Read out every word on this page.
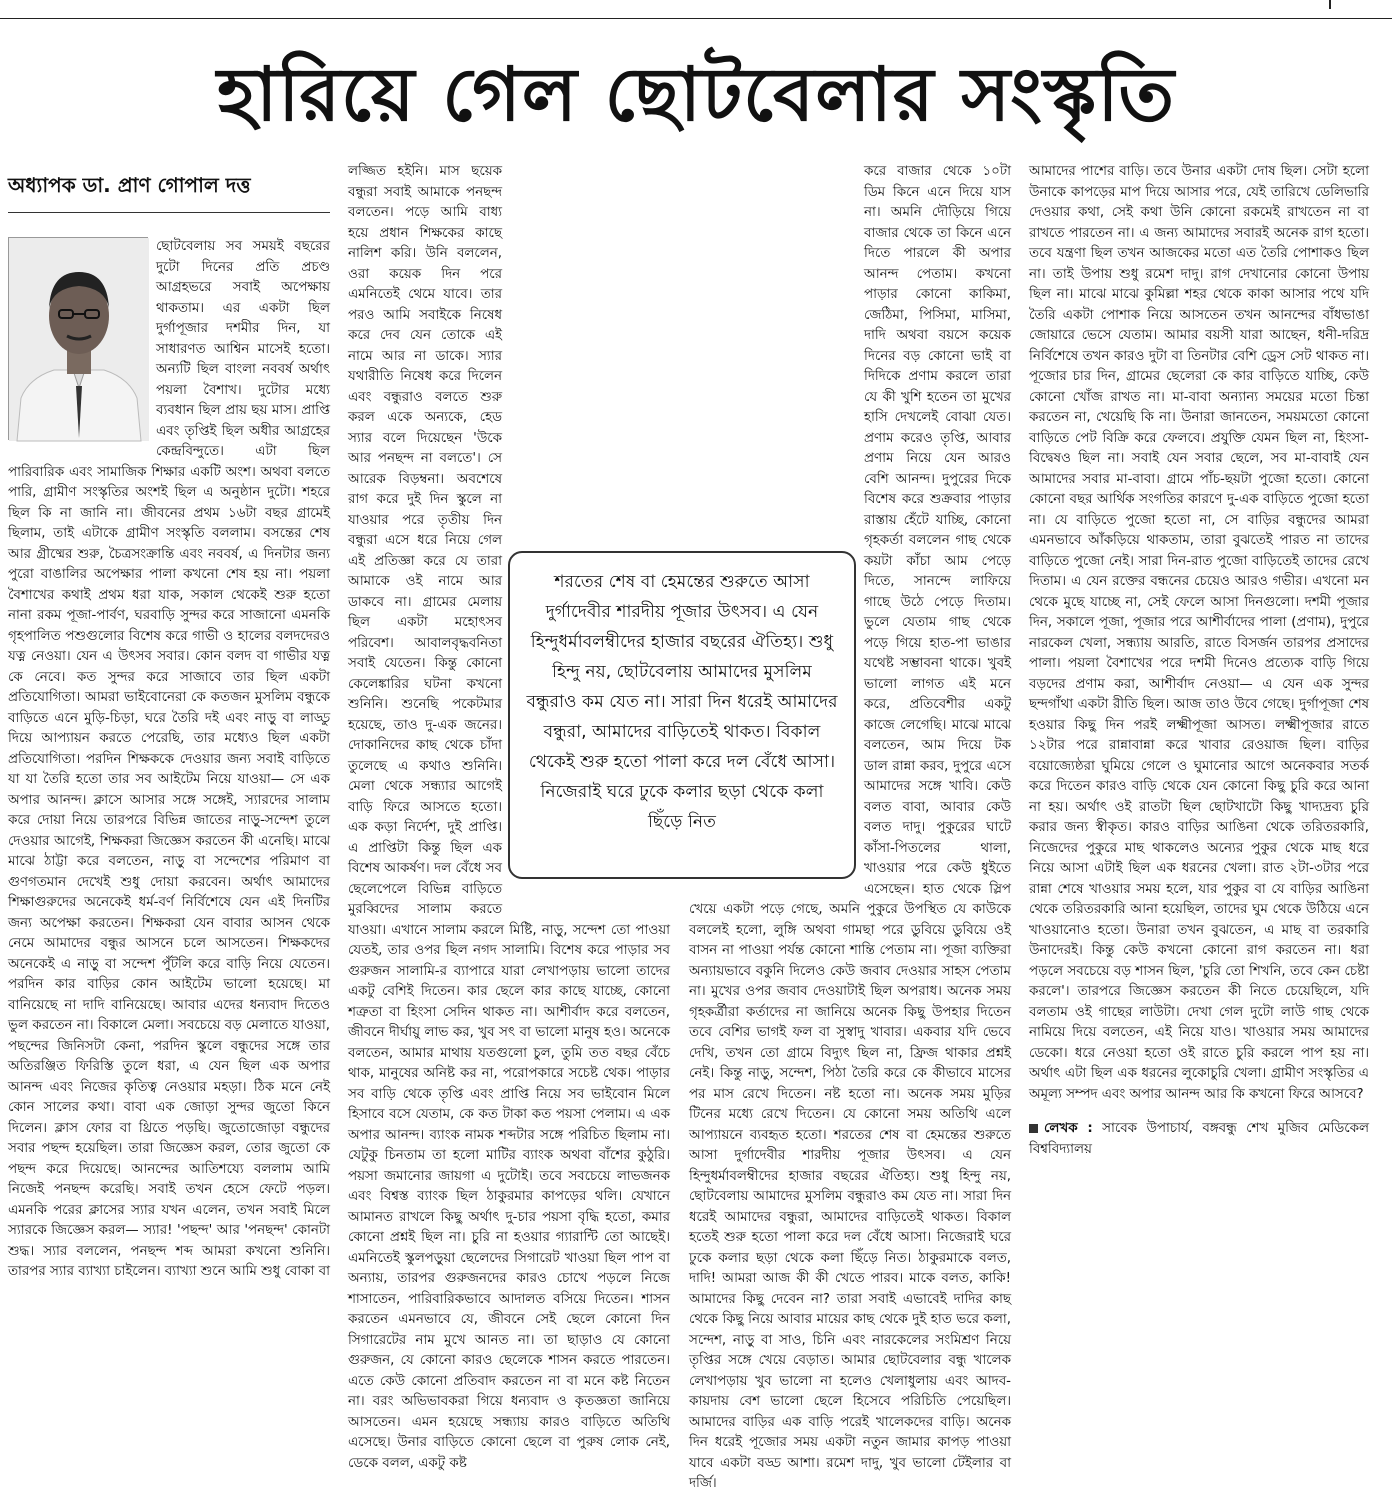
হারিয়ে গেল ছোটবেলার সংস্কৃতি
অধ্যাপক ডা. প্রাণ গোপাল দত্ত

ছোটবেলায় সব সময়ই বছরের দুটো দিনের প্রতি প্রচণ্ড আগ্রহভরে সবাই অপেক্ষায় থাকতাম। এর একটা ছিল দুর্গাপূজার দশমীর দিন, যা সাধারণত আশ্বিন মাসেই হতো। অন্যটি ছিল বাংলা নববর্ষ অর্থাৎ পয়লা বৈশাখ। দুটোর মধ্যে ব্যবধান ছিল প্রায় ছয় মাস। প্রাপ্তি এবং তৃপ্তিই ছিল অধীর আগ্রহের কেন্দ্রবিন্দুতে। এটা ছিল পারিবারিক এবং সামাজিক শিক্ষার একটি অংশ। অথবা বলতে পারি, গ্রামীণ সংস্কৃতির অংশই ছিল এ অনুষ্ঠান দুটো। শহরে ছিল কি না জানি না। জীবনের প্রথম ১৬টা বছর গ্রামেই ছিলাম, তাই এটাকে গ্রামীণ সংস্কৃতি বললাম। বসন্তের শেষ আর গ্রীষ্মের শুরু, চৈত্রসংক্রান্তি এবং নববর্ষ, এ দিনটার জন্য পুরো বাঙালির অপেক্ষার পালা কখনো শেষ হয় না। পয়লা বৈশাখের কথাই প্রথম ধরা যাক, সকাল থেকেই শুরু হতো নানা রকম পূজা-পার্বণ, ঘরবাড়ি সুন্দর করে সাজানো এমনকি গৃহপালিত পশুগুলোর বিশেষ করে গাভী ও হালের বলদদেরও যত্ন নেওয়া। যেন এ উৎসব সবার। কোন বলদ বা গাভীর যত্ন কে নেবে। কত সুন্দর করে সাজাবে তার ছিল একটা প্রতিযোগিতা। আমরা ভাইবোনেরা কে কতজন মুসলিম বন্ধুকে বাড়িতে এনে মুড়ি-চিড়া, ঘরে তৈরি দই এবং নাড়ু বা লাড্ডু দিয়ে আপ্যায়ন করতে পেরেছি, তার মধ্যেও ছিল একটা প্রতিযোগিতা। পরদিন শিক্ষককে দেওয়ার জন্য সবাই বাড়িতে যা যা তৈরি হতো তার সব আইটেম নিয়ে যাওয়া— সে এক অপার আনন্দ। ক্লাসে আসার সঙ্গে সঙ্গেই, স্যারদের সালাম করে দোয়া নিয়ে তারপরে বিভিন্ন জাতের নাড়ু-সন্দেশ তুলে দেওয়ার আগেই, শিক্ষকরা জিজ্ঞেস করতেন কী এনেছি। মাঝে মাঝে ঠাট্টা করে বলতেন, নাড়ু বা সন্দেশের পরিমাণ বা গুণগতমান দেখেই শুধু দোয়া করবেন। অর্থাৎ আমাদের শিক্ষাগুরুদের অনেকেই ধর্ম-বর্ণ নির্বিশেষে যেন এই দিনটির জন্য অপেক্ষা করতেন। শিক্ষকরা যেন বাবার আসন থেকে নেমে আমাদের বন্ধুর আসনে চলে আসতেন। শিক্ষকদের অনেকেই এ নাড়ু বা সন্দেশ পুঁটলি করে বাড়ি নিয়ে যেতেন। পরদিন কার বাড়ির কোন আইটেম ভালো হয়েছে। মা বানিয়েছে না দাদি বানিয়েছে। আবার এদের ধন্যবাদ দিতেও ভুল করতেন না। বিকালে মেলা। সবচেয়ে বড় মেলাতে যাওয়া, পছন্দের জিনিসটা কেনা, পরদিন স্কুলে বন্ধুদের সঙ্গে তার অতিরঞ্জিত ফিরিস্তি তুলে ধরা, এ যেন ছিল এক অপার আনন্দ এবং নিজের কৃতিত্ব নেওয়ার মহড়া। ঠিক মনে নেই কোন সালের কথা। বাবা এক জোড়া সুন্দর জুতো কিনে দিলেন। ক্লাস ফোর বা থ্রিতে পড়ছি। জুতোজোড়া বন্ধুদের সবার পছন্দ হয়েছিল। তারা জিজ্ঞেস করল, তোর জুতো কে পছন্দ করে দিয়েছে। আনন্দের আতিশয্যে বললাম আমি নিজেই পনছন্দ করেছি। সবাই তখন হেসে ফেটে পড়ল। এমনকি পরের ক্লাসের স্যার যখন এলেন, তখন সবাই মিলে স্যারকে জিজ্ঞেস করল— স্যার! 'পছন্দ' আর 'পনছন্দ' কোনটা শুদ্ধ। স্যার বললেন, পনছন্দ শব্দ আমরা কখনো শুনিনি। তারপর স্যার ব্যাখ্যা চাইলেন। ব্যাখ্যা শুনে আমি শুধু বোকা বা

লজ্জিত হইনি। মাস ছয়েক বন্ধুরা সবাই আমাকে পনছন্দ বলতেন। পড়ে আমি বাধ্য হয়ে প্রধান শিক্ষকের কাছে নালিশ করি। উনি বললেন, ওরা কয়েক দিন পরে এমনিতেই থেমে যাবে। তার পরও আমি সবাইকে নিষেধ করে দেব যেন তোকে এই নামে আর না ডাকে। স্যার যথারীতি নিষেধ করে দিলেন এবং বন্ধুরাও বলতে শুরু করল একে অন্যকে, হেড স্যার বলে দিয়েছেন 'উকে আর পনছন্দ না বলতে'। সে আরেক বিড়ম্বনা। অবশেষে রাগ করে দুই দিন স্কুলে না যাওয়ার পরে তৃতীয় দিন বন্ধুরা এসে ধরে নিয়ে গেল এই প্রতিজ্ঞা করে যে তারা আমাকে ওই নামে আর ডাকবে না। গ্রামের মেলায় ছিল একটা মহোৎসব পরিবেশ। আবালবৃদ্ধবনিতা সবাই যেতেন। কিন্তু কোনো কেলেঙ্কারির ঘটনা কখনো শুনিনি। শুনেছি পকেটমার হয়েছে, তাও দু-এক জনের। দোকানিদের কাছ থেকে চাঁদা তুলেছে এ কথাও শুনিনি। মেলা থেকে সন্ধ্যার আগেই বাড়ি ফিরে আসতে হতো। এক কড়া নির্দেশ, দুই প্রাপ্তি। এ প্রাপ্তিটা কিন্তু ছিল এক বিশেষ আকর্ষণ। দল বেঁধে সব ছেলেপেলে বিভিন্ন বাড়িতে মুরব্বিদের সালাম করতে যাওয়া। এখানে সালাম করলে মিষ্টি, নাড়ু, সন্দেশ তো পাওয়া যেতই, তার ওপর ছিল নগদ সালামি। বিশেষ করে পাড়ার সব গুরুজন সালামি-র ব্যাপারে যারা লেখাপড়ায় ভালো তাদের একটু বেশিই দিতেন। কার ছেলে কার কাছে যাচ্ছে, কোনো শত্রুতা বা হিংসা সেদিন থাকত না। আশীর্বাদ করে বলতেন, জীবনে দীর্ঘায়ু লাভ কর, খুব সৎ বা ভালো মানুষ হও। অনেকে বলতেন, আমার মাথায় যতগুলো চুল, তুমি তত বছর বেঁচে থাক, মানুষের অনিষ্ট কর না, পরোপকারে সচেষ্ট থেক। পাড়ার সব বাড়ি থেকে তৃপ্তি এবং প্রাপ্তি নিয়ে সব ভাইবোন মিলে হিসাবে বসে যেতাম, কে কত টাকা কত পয়সা পেলাম। এ এক অপার আনন্দ। ব্যাংক নামক শব্দটার সঙ্গে পরিচিত ছিলাম না। যেটুকু চিনতাম তা হলো মাটির ব্যাংক অথবা বাঁশের কুঠুরি। পয়সা জমানোর জায়গা এ দুটোই। তবে সবচেয়ে লাভজনক এবং বিশ্বস্ত ব্যাংক ছিল ঠাকুরমার কাপড়ের থলি। যেখানে আমানত রাখলে কিছু অর্থাৎ দু-চার পয়সা বৃদ্ধি হতো, কমার কোনো প্রশ্নই ছিল না। চুরি না হওয়ার গ্যারান্টি তো আছেই। এমনিতেই স্কুলপড়ুয়া ছেলেদের সিগারেট খাওয়া ছিল পাপ বা অন্যায়, তারপর গুরুজনদের কারও চোখে পড়লে নিজে শাসাতেন, পারিবারিকভাবে আদালত বসিয়ে দিতেন। শাসন করতেন এমনভাবে যে, জীবনে সেই ছেলে কোনো দিন সিগারেটের নাম মুখে আনত না। তা ছাড়াও যে কোনো গুরুজন, যে কোনো কারও ছেলেকে শাসন করতে পারতেন। এতে কেউ কোনো প্রতিবাদ করতেন না বা মনে কষ্ট নিতেন না। বরং অভিভাবকরা গিয়ে ধন্যবাদ ও কৃতজ্ঞতা জানিয়ে আসতেন। এমন হয়েছে সন্ধ্যায় কারও বাড়িতে অতিথি এসেছে। উনার বাড়িতে কোনো ছেলে বা পুরুষ লোক নেই, ডেকে বলল, একটু কষ্ট

করে বাজার থেকে ১০টা ডিম কিনে এনে দিয়ে যাস না। অমনি দৌড়িয়ে গিয়ে বাজার থেকে তা কিনে এনে দিতে পারলে কী অপার আনন্দ পেতাম। কখনো পাড়ার কোনো কাকিমা, জেঠিমা, পিসিমা, মাসিমা, দাদি অথবা বয়সে কয়েক দিনের বড় কোনো ভাই বা দিদিকে প্রণাম করলে তারা যে কী খুশি হতেন তা মুখের হাসি দেখলেই বোঝা যেত। প্রণাম করেও তৃপ্তি, আবার প্রণাম নিয়ে যেন আরও বেশি আনন্দ। দুপুরের দিকে বিশেষ করে শুক্রবার পাড়ার রাস্তায় হেঁটে যাচ্ছি, কোনো গৃহকর্তা বললেন গাছ থেকে কয়টা কাঁচা আম পেড়ে দিতে, সানন্দে লাফিয়ে গাছে উঠে পেড়ে দিতাম। ভুলে যেতাম গাছ থেকে পড়ে গিয়ে হাত-পা ভাঙার যথেষ্ট সম্ভাবনা থাকে। খুবই ভালো লাগত এই মনে করে, প্রতিবেশীর একটু কাজে লেগেছি। মাঝে মাঝে বলতেন, আম দিয়ে টক ডাল রান্না করব, দুপুরে এসে আমাদের সঙ্গে খাবি। কেউ বলত বাবা, আবার কেউ বলত দাদু। পুকুরের ঘাটে কাঁসা-পিতলের থালা, খাওয়ার পরে কেউ ধুইতে এসেছেন। হাত থেকে স্লিপ খেয়ে একটা পড়ে গেছে, অমনি পুকুরে উপস্থিত যে কাউকে বললেই হলো, লুঙ্গি অথবা গামছা পরে ডুবিয়ে ডুবিয়ে ওই বাসন না পাওয়া পর্যন্ত কোনো শান্তি পেতাম না। পূজা ব্যক্তিরা অন্যায়ভাবে বকুনি দিলেও কেউ জবাব দেওয়ার সাহস পেতাম না। মুখের ওপর জবাব দেওয়াটাই ছিল অপরাধ। অনেক সময় গৃহকর্ত্রীরা কর্তাদের না জানিয়ে অনেক কিছু উপহার দিতেন তবে বেশির ভাগই ফল বা সুস্বাদু খাবার। একবার যদি ভেবে দেখি, তখন তো গ্রামে বিদ্যুৎ ছিল না, ফ্রিজ থাকার প্রশ্নই নেই। কিন্তু নাড়ু, সন্দেশ, পিঠা তৈরি করে কে কীভাবে মাসের পর মাস রেখে দিতেন। নষ্ট হতো না। অনেক সময় মুড়ির টিনের মধ্যে রেখে দিতেন। যে কোনো সময় অতিথি এলে আপ্যায়নে ব্যবহৃত হতো। শরতের শেষ বা হেমন্তের শুরুতে আসা দুর্গাদেবীর শারদীয় পূজার উৎসব। এ যেন হিন্দুধর্মাবলম্বীদের হাজার বছরের ঐতিহ্য। শুধু হিন্দু নয়, ছোটবেলায় আমাদের মুসলিম বন্ধুরাও কম যেত না। সারা দিন ধরেই আমাদের বন্ধুরা, আমাদের বাড়িতেই থাকত। বিকাল হতেই শুরু হতো পালা করে দল বেঁধে আসা। নিজেরাই ঘরে ঢুকে কলার ছড়া থেকে কলা ছিঁড়ে নিত। ঠাকুরমাকে বলত, দাদি! আমরা আজ কী কী খেতে পারব। মাকে বলত, কাকি! আমাদের কিছু দেবেন না? তারা সবাই এভাবেই দাদির কাছ থেকে কিছু নিয়ে আবার মায়ের কাছ থেকে দুই হাত ভরে কলা, সন্দেশ, নাড়ু বা সাও, চিনি এবং নারকেলের সংমিশ্রণ নিয়ে তৃপ্তির সঙ্গে খেয়ে বেড়াত। আমার ছোটবেলার বন্ধু খালেক লেখাপড়ায় খুব ভালো না হলেও খেলাধুলায় এবং আদব-কায়দায় বেশ ভালো ছেলে হিসেবে পরিচিতি পেয়েছিল। আমাদের বাড়ির এক বাড়ি পরেই খালেকদের বাড়ি। অনেক দিন ধরেই পূজোর সময় একটা নতুন জামার কাপড় পাওয়া যাবে একটা বড্ড আশা। রমেশ দাদু, খুব ভালো টেইলার বা দর্জি।

আমাদের পাশের বাড়ি। তবে উনার একটা দোষ ছিল। সেটা হলো উনাকে কাপড়ের মাপ দিয়ে আসার পরে, যেই তারিখে ডেলিভারি দেওয়ার কথা, সেই কথা উনি কোনো রকমেই রাখতেন না বা রাখতে পারতেন না। এ জন্য আমাদের সবারই অনেক রাগ হতো। তবে যন্ত্রণা ছিল তখন আজকের মতো এত তৈরি পোশাকও ছিল না। তাই উপায় শুধু রমেশ দাদু। রাগ দেখানোর কোনো উপায় ছিল না। মাঝে মাঝে কুমিল্লা শহর থেকে কাকা আসার পথে যদি তৈরি একটা পোশাক নিয়ে আসতেন তখন আনন্দের বাঁধভাঙা জোয়ারে ভেসে যেতাম। আমার বয়সী যারা আছেন, ধনী-দরিদ্র নির্বিশেষে তখন কারও দুটা বা তিনটার বেশি ড্রেস সেট থাকত না। পূজোর চার দিন, গ্রামের ছেলেরা কে কার বাড়িতে যাচ্ছি, কেউ কোনো খোঁজ রাখত না। মা-বাবা অন্যান্য সময়ের মতো চিন্তা করতেন না, খেয়েছি কি না। উনারা জানতেন, সময়মতো কোনো বাড়িতে পেট বিক্রি করে ফেলবে। প্রযুক্তি যেমন ছিল না, হিংসা-বিদ্বেষও ছিল না। সবাই যেন সবার ছেলে, সব মা-বাবাই যেন আমাদের সবার মা-বাবা। গ্রামে পাঁচ-ছয়টা পুজো হতো। কোনো কোনো বছর আর্থিক সংগতির কারণে দু-এক বাড়িতে পুজো হতো না। যে বাড়িতে পুজো হতো না, সে বাড়ির বন্ধুদের আমরা এমনভাবে আঁকড়িয়ে থাকতাম, তারা বুঝতেই পারত না তাদের বাড়িতে পুজো নেই। সারা দিন-রাত পুজো বাড়িতেই তাদের রেখে দিতাম। এ যেন রক্তের বন্ধনের চেয়েও আরও গভীর। এখনো মন থেকে মুছে যাচ্ছে না, সেই ফেলে আসা দিনগুলো। দশমী পূজার দিন, সকালে পূজা, পূজার পরে আশীর্বাদের পালা (প্রণাম), দুপুরে নারকেল খেলা, সন্ধ্যায় আরতি, রাতে বিসর্জন তারপর প্রসাদের পালা। পয়লা বৈশাখের পরে দশমী দিনেও প্রত্যেক বাড়ি গিয়ে বড়দের প্রণাম করা, আশীর্বাদ নেওয়া— এ যেন এক সুন্দর ছন্দগাঁথা একটা রীতি ছিল। আজ তাও উবে গেছে। দুর্গাপূজা শেষ হওয়ার কিছু দিন পরই লক্ষ্মীপূজা আসত। লক্ষ্মীপূজার রাতে ১২টার পরে রান্নাবান্না করে খাবার রেওয়াজ ছিল। বাড়ির বয়োজ্যেষ্ঠরা ঘুমিয়ে গেলে ও ঘুমানোর আগে অনেকবার সতর্ক করে দিতেন কারও বাড়ি থেকে যেন কোনো কিছু চুরি করে আনা না হয়। অর্থাৎ ওই রাতটা ছিল ছোটখাটো কিছু খাদ্যদ্রব্য চুরি করার জন্য স্বীকৃত। কারও বাড়ির আঙিনা থেকে তরিতরকারি, নিজেদের পুকুরে মাছ থাকলেও অন্যের পুকুর থেকে মাছ ধরে নিয়ে আসা এটাই ছিল এক ধরনের খেলা। রাত ২টা-৩টার পরে রান্না শেষে খাওয়ার সময় হলে, যার পুকুর বা যে বাড়ির আঙিনা থেকে তরিতরকারি আনা হয়েছিল, তাদের ঘুম থেকে উঠিয়ে এনে খাওয়ানোও হতো। উনারা তখন বুঝতেন, এ মাছ বা তরকারি উনাদেরই। কিন্তু কেউ কখনো কোনো রাগ করতেন না। ধরা পড়লে সবচেয়ে বড় শাসন ছিল, 'চুরি তো শিখনি, তবে কেন চেষ্টা করলে'। তারপরে জিজ্ঞেস করতেন কী নিতে চেয়েছিলে, যদি বলতাম ওই গাছের লাউটা। দেখা গেল দুটো লাউ গাছ থেকে নামিয়ে দিয়ে বলতেন, এই নিয়ে যাও। খাওয়ার সময় আমাদের ডেকো। ধরে নেওয়া হতো ওই রাতে চুরি করলে পাপ হয় না। অর্থাৎ এটা ছিল এক ধরনের লুকোচুরি খেলা। গ্রামীণ সংস্কৃতির এ অমূল্য সম্পদ এবং অপার আনন্দ আর কি কখনো ফিরে আসবে?

লেখক : সাবেক উপাচার্য, বঙ্গবন্ধু শেখ মুজিব মেডিকেল বিশ্ববিদ্যালয়
শরতের শেষ বা হেমন্তের শুরুতে আসা দুর্গাদেবীর শারদীয় পূজার উৎসব। এ যেন হিন্দুধর্মাবলম্বীদের হাজার বছরের ঐতিহ্য। শুধু হিন্দু নয়, ছোটবেলায় আমাদের মুসলিম বন্ধুরাও কম যেত না। সারা দিন ধরেই আমাদের বন্ধুরা, আমাদের বাড়িতেই থাকত। বিকাল থেকেই শুরু হতো পালা করে দল বেঁধে আসা। নিজেরাই ঘরে ঢুকে কলার ছড়া থেকে কলা ছিঁড়ে নিত
